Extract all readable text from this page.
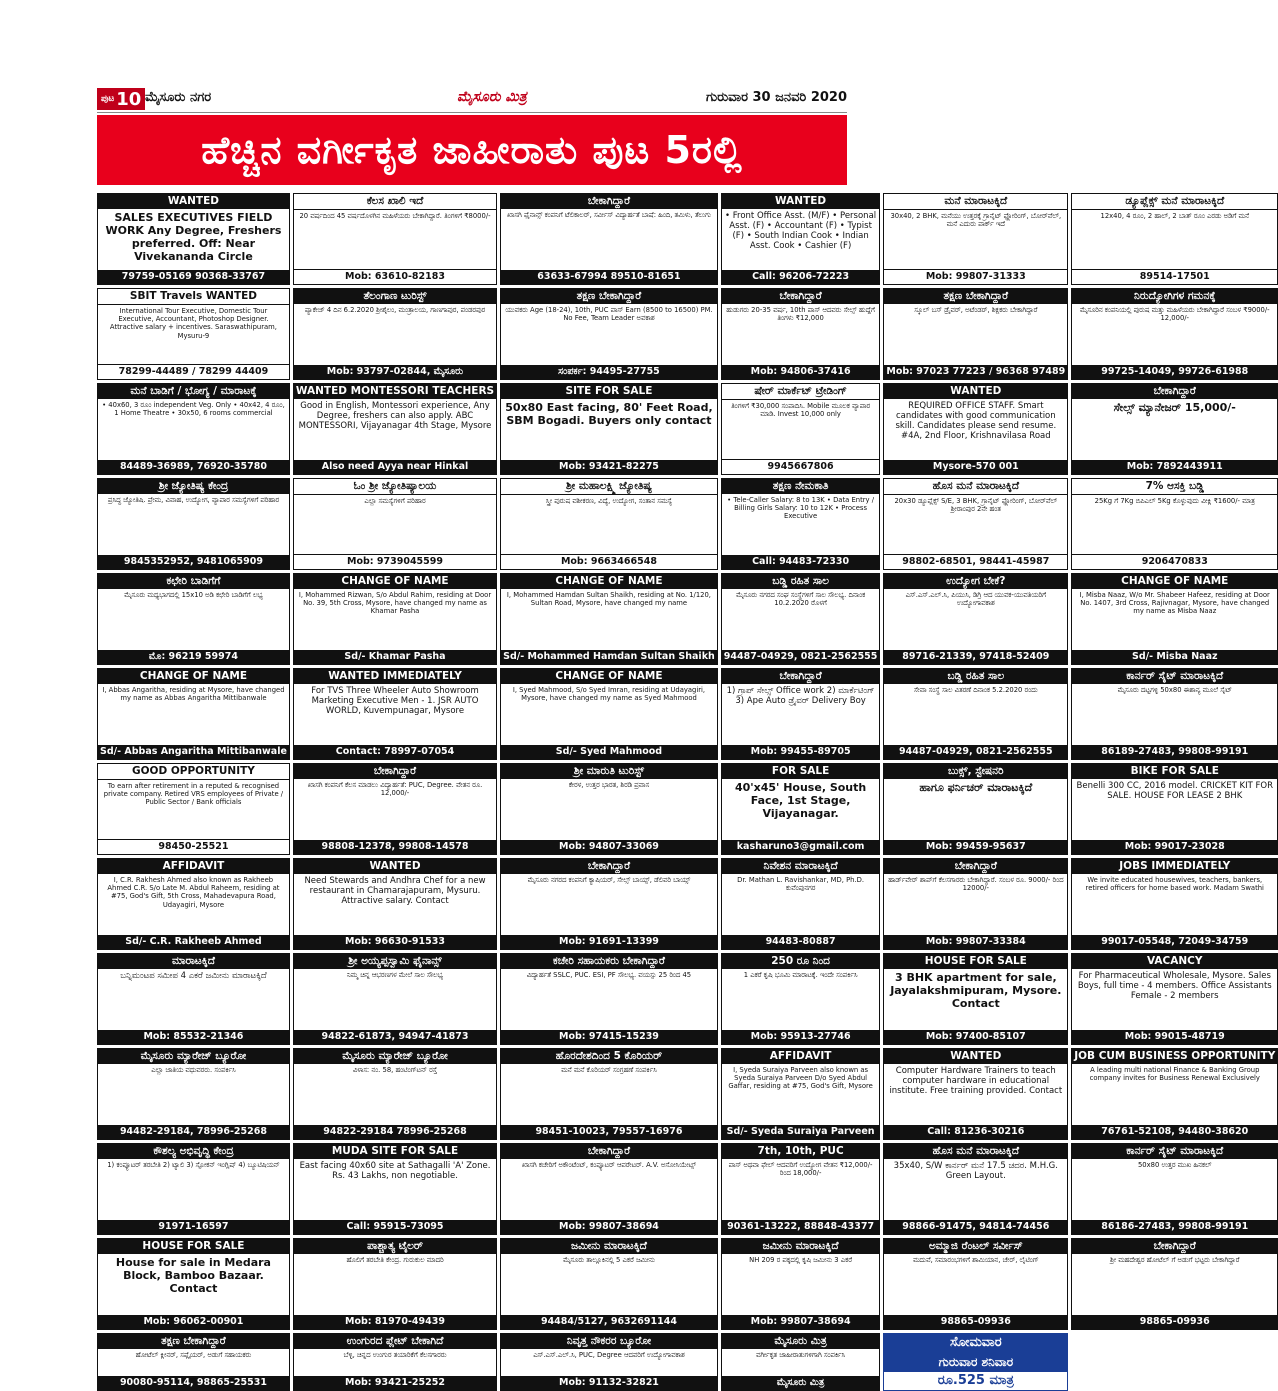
ಪುಟ 10 ಮೈಸೂರು ನಗರ	ಮೈಸೂರು ಮಿತ್ರ	ಗುರುವಾರ 30 ಜನವರಿ 2020
ಹೆಚ್ಚಿನ ವರ್ಗೀಕೃತ ಜಾಹೀರಾತು ಪುಟ 5ರಲ್ಲಿ
WANTED
SALES EXECUTIVES FIELD WORK Any Degree, Freshers preferred. Off: Near Vivekananda Circle
79759-05169 90368-33767
ಕೆಲಸ ಖಾಲಿ ಇದೆ
20 ವರ್ಷದಿಂದ 45 ವರ್ಷದೊಳಗಿನ ಮಹಿಳೆಯರು ಬೇಕಾಗಿದ್ದಾರೆ. ತಿಂಗಳಿಗೆ ₹8000/-
Mob: 63610-82183
ಬೇಕಾಗಿದ್ದಾರೆ
ಖಾಸಗಿ ಫೈನಾನ್ಸ್ ಕಂಪನಿಗೆ ಟೆಲಿಕಾಲರ್, ಸರ್ವೀಸ್ ವಿದ್ಯಾರ್ಹತೆ ಬಾಷೆ: ಹಿಂದಿ, ತಮಿಳು, ತೆಲುಗು
63633-67994 89510-81651
WANTED
• Front Office Asst. (M/F) • Personal Asst. (F) • Accountant (F) • Typist (F) • South Indian Cook • Indian Asst. Cook • Cashier (F)
Call: 96206-72223
ಮನೆ ಮಾರಾಟಕ್ಕಿದೆ
30x40, 2 BHK, ಮನೆಯು ಉತ್ತರಕ್ಕೆ ಗ್ರಾನೈಟ್ ಫ್ಲೋರಿಂಗ್, ಬೋರ್‌ವೆಲ್, ಮನೆ ಎದುರು ಪಾರ್ಕ್ ಇದೆ
Mob: 99807-31333
ಡ್ಯೂಪ್ಲೆಕ್ಸ್ ಮನೆ ಮಾರಾಟಕ್ಕಿದೆ
12x40, 4 ರೂಂ, 2 ಹಾಲ್, 2 ಬಾತ್ ರೂಂ ಎರಡು ಅಡಿಗೆ ಮನೆ
89514-17501
SBIT Travels WANTED
International Tour Executive, Domestic Tour Executive, Accountant, Photoshop Designer. Attractive salary + incentives. Saraswathipuram, Mysuru-9
78299-44489 / 78299 44409
ತೆಲಂಗಾಣ ಟುರಿಸ್ಟ್
ಪ್ಯಾಕೇಜ್ 4 ದಿನ 6.2.2020 ಶ್ರೀಶೈಲಂ, ಮಂತ್ರಾಲಯ, ಗಾಣಗಾಪುರ, ಪಂಡರಪುರ
Mob: 93797-02844, ಮೈಸೂರು
ತಕ್ಷಣ ಬೇಕಾಗಿದ್ದಾರೆ
ಯುವಕರು Age (18-24), 10th, PUC ಪಾಸ್ Earn (8500 to 16500) PM. No Fee, Team Leader ಅವಕಾಶ
ಸಂಪರ್ಕ: 94495-27755
ಬೇಕಾಗಿದ್ದಾರೆ
ಹುಡುಗರು 20-35 ವರ್ಷ, 10th ಪಾಸ್ ಆದವರು ಸೇಲ್ಸ್ ಹುದ್ದೆಗೆ ತಿಂಗಳು ₹12,000
Mob: 94806-37416
ತಕ್ಷಣ ಬೇಕಾಗಿದ್ದಾರೆ
ಸ್ಕೂಲ್ ಬಸ್ ಡ್ರೈವರ್, ಅಟೆಂಡರ್, ಶಿಕ್ಷಕರು ಬೇಕಾಗಿದ್ದಾರೆ
Mob: 97023 77223 / 96368 97489
ನಿರುದ್ಯೋಗಿಗಳ ಗಮನಕ್ಕೆ
ಮೈಸೂರಿನ ಕಂಪನಿಯಲ್ಲಿ ಪುರುಷ ಮತ್ತು ಮಹಿಳೆಯರು ಬೇಕಾಗಿದ್ದಾರೆ ಸಂಬಳ ₹9000/- 12,000/-
99725-14049, 99726-61988
ಮನೆ ಬಾಡಿಗೆ / ಭೋಗ್ಯ / ಮಾರಾಟಕ್ಕೆ
• 40x60, 3 ರೂಂ independent Veg. Only • 40x42, 4 ರೂಂ, 1 Home Theatre • 30x50, 6 rooms commercial
84489-36989, 76920-35780
WANTED MONTESSORI TEACHERS
Good in English, Montessori experience, Any Degree, freshers can also apply. ABC MONTESSORI, Vijayanagar 4th Stage, Mysore
Also need Ayya near Hinkal
SITE FOR SALE
50x80 East facing, 80' Feet Road, SBM Bogadi. Buyers only contact
Mob: 93421-82275
ಷೇರ್ ಮಾರ್ಕೆಟ್ ಟ್ರೇಡಿಂಗ್
ತಿಂಗಳಿಗೆ ₹30,000 ಸಂಪಾದಿಸಿ. Mobile ಮೂಲಕ ವ್ಯಾಪಾರ ಮಾಡಿ. Invest 10,000 only
9945667806
WANTED
REQUIRED OFFICE STAFF. Smart candidates with good communication skill. Candidates please send resume. #4A, 2nd Floor, Krishnavilasa Road
Mysore-570 001
ಬೇಕಾಗಿದ್ದಾರೆ
ಸೇಲ್ಸ್ ಮ್ಯಾನೇಜರ್ 15,000/-
Mob: 7892443911
ಶ್ರೀ ಜ್ಯೋತಿಷ್ಯ ಕೇಂದ್ರ
ಪ್ರಸಿದ್ಧ ಜ್ಯೋತಿಷಿ. ಪ್ರೇಮ, ವಿವಾಹ, ಉದ್ಯೋಗ, ವ್ಯಾಪಾರ ಸಮಸ್ಯೆಗಳಿಗೆ ಪರಿಹಾರ
9845352952, 9481065909
ಓಂ ಶ್ರೀ ಜ್ಯೋತಿಷ್ಯಾಲಯ
ಎಲ್ಲಾ ಸಮಸ್ಯೆಗಳಿಗೆ ಪರಿಹಾರ
Mob: 9739045599
ಶ್ರೀ ಮಹಾಲಕ್ಷ್ಮಿ ಜ್ಯೋತಿಷ್ಯ
ಸ್ತ್ರೀ ಪುರುಷ ವಶೀಕರಣ, ವಿದ್ಯೆ, ಉದ್ಯೋಗ, ಸಂತಾನ ಸಮಸ್ಯೆ
Mob: 9663466548
ತಕ್ಷಣ ನೇಮಕಾತಿ
• Tele-Caller Salary: 8 to 13K • Data Entry / Billing Girls Salary: 10 to 12K • Process Executive
Call: 94483-72330
ಹೊಸ ಮನೆ ಮಾರಾಟಕ್ಕಿದೆ
20x30 ಡ್ಯೂಪ್ಲೆಕ್ಸ್ S/E, 3 BHK, ಗ್ರಾನೈಟ್ ಫ್ಲೋರಿಂಗ್, ಬೋರ್‌ವೆಲ್ ಶ್ರೀರಾಂಪುರ 2ನೇ ಹಂತ
98802-68501, 98441-45987
7% ಆಸಕ್ತಿ ಬಡ್ಡಿ
25Kg ಗೆ 7Kg ಬಿಪಿಎಲ್ 5Kg ಕೊಳ್ಳುವುದು ವೀಕ್ಲಿ ₹1600/- ಮಾತ್ರ
9206470833
ಕಛೇರಿ ಬಾಡಿಗೆಗೆ
ಮೈಸೂರು ಮಧ್ಯಭಾಗದಲ್ಲಿ 15x10 ಅಡಿ ಕಛೇರಿ ಬಾಡಿಗೆಗೆ ಲಭ್ಯ
ಮೊ: 96219 59974
CHANGE OF NAME
I, Mohammed Rizwan, S/o Abdul Rahim, residing at Door No. 39, 5th Cross, Mysore, have changed my name as Khamar Pasha
Sd/- Khamar Pasha
CHANGE OF NAME
I, Mohammed Hamdan Sultan Shaikh, residing at No. 1/120, Sultan Road, Mysore, have changed my name
Sd/- Mohammed Hamdan Sultan Shaikh
ಬಡ್ಡಿ ರಹಿತ ಸಾಲ
ಮೈಸೂರು ನಗರದ ಸಂಘ ಸಂಸ್ಥೆಗಳಿಗೆ ಸಾಲ ಸೌಲಭ್ಯ. ದಿನಾಂಕ 10.2.2020 ರೊಳಗೆ
94487-04929, 0821-2562555
ಉದ್ಯೋಗ ಬೇಕೆ?
ಎಸ್.ಎಸ್.ಎಲ್.ಸಿ, ಪಿಯುಸಿ, ಡಿಗ್ರಿ ಆದ ಯುವಕ-ಯುವತಿಯರಿಗೆ ಉದ್ಯೋಗಾವಕಾಶ
89716-21339, 97418-52409
CHANGE OF NAME
I, Misba Naaz, W/o Mr. Shabeer Hafeez, residing at Door No. 1407, 3rd Cross, Rajivnagar, Mysore, have changed my name as Misba Naaz
Sd/- Misba Naaz
CHANGE OF NAME
I, Abbas Angaritha, residing at Mysore, have changed my name as Abbas Angaritha Mittibanwale
Sd/- Abbas Angaritha Mittibanwale
WANTED IMMEDIATELY
For TVS Three Wheeler Auto Showroom Marketing Executive Men - 1. JSR AUTO WORLD, Kuvempunagar, Mysore
Contact: 78997-07054
CHANGE OF NAME
I, Syed Mahmood, S/o Syed Imran, residing at Udayagiri, Mysore, have changed my name as Syed Mahmood
Sd/- Syed Mahmood
ಬೇಕಾಗಿದ್ದಾರೆ
1) ಗ್ರಾಪ್ ಸೇಲ್ಸ್ Office work 2) ಮಾರ್ಕೆಟಿಂಗ್ 3) Ape Auto ಡ್ರೈವರ್ Delivery Boy
Mob: 99455-89705
ಬಡ್ಡಿ ರಹಿತ ಸಾಲ
ಸೇವಾ ಸಂಸ್ಥೆ ಸಾಲ ವಿತರಣೆ ದಿನಾಂಕ 5.2.2020 ರಂದು
94487-04929, 0821-2562555
ಕಾರ್ನರ್ ಸೈಟ್ ಮಾರಾಟಕ್ಕಿದೆ
ಮೈಸೂರು ದಟ್ಟಗಳ್ಳಿ 50x80 ಈಶಾನ್ಯ ಮೂಲೆ ಸೈಟ್
86189-27483, 99808-99191
GOOD OPPORTUNITY
To earn after retirement in a reputed & recognised private company. Retired VRS employees of Private / Public Sector / Bank officials
98450-25521
ಬೇಕಾಗಿದ್ದಾರೆ
ಖಾಸಗಿ ಕಂಪನಿಗೆ ಕೆಲಸ ಮಾಡಲು ವಿದ್ಯಾರ್ಹತೆ: PUC, Degree. ವೇತನ ರೂ. 12,000/-
98808-12378, 99808-14578
ಶ್ರೀ ಮಾರುತಿ ಟುರಿಸ್ಟ್
ಕೇರಳ, ಉತ್ತರ ಭಾರತ, ಶಿರಡಿ ಪ್ರವಾಸ
Mob: 94807-33069
FOR SALE
40'x45' House, South Face, 1st Stage, Vijayanagar.
kasharuno3@gmail.com
ಬುಕ್ಸ್, ಸ್ಟೇಷನರಿ
ಹಾಗೂ ಫರ್ನಿಚರ್ ಮಾರಾಟಕ್ಕಿದೆ
Mob: 99459-95637
BIKE FOR SALE
Benelli 300 CC, 2016 model. CRICKET KIT FOR SALE. HOUSE FOR LEASE 2 BHK
Mob: 99017-23028
AFFIDAVIT
I, C.R. Rakhesh Ahmed also known as Rakheeb Ahmed C.R. S/o Late M. Abdul Raheem, residing at #75, God's Gift, 5th Cross, Mahadevapura Road, Udayagiri, Mysore
Sd/- C.R. Rakheeb Ahmed
WANTED
Need Stewards and Andhra Chef for a new restaurant in Chamarajapuram, Mysuru. Attractive salary. Contact
Mob: 96630-91533
ಬೇಕಾಗಿದ್ದಾರೆ
ಮೈಸೂರು ನಗರದ ಕಂಪನಿಗೆ ಕ್ಯಾಷಿಯರ್, ಸೇಲ್ಸ್ ಬಾಯ್ಸ್, ಡೆಲಿವರಿ ಬಾಯ್ಸ್
Mob: 91691-13399
ನಿವೇಶನ ಮಾರಾಟಕ್ಕಿದೆ
Dr. Mathan L. Ravishankar, MD, Ph.D. ಕುವೆಂಪುನಗರ
94483-80887
ಬೇಕಾಗಿದ್ದಾರೆ
ಹಾರ್ಡ್‌ವೇರ್ ಶಾಪ್‌ಗೆ ಕೆಲಸಗಾರರು ಬೇಕಾಗಿದ್ದಾರೆ. ಸಂಬಳ ರೂ. 9000/- ರಿಂದ 12000/-
Mob: 99807-33384
JOBS IMMEDIATELY
We invite educated housewives, teachers, bankers, retired officers for home based work. Madam Swathi
99017-05548, 72049-34759
ಮಾರಾಟಕ್ಕಿದೆ
ಬನ್ನಿಮಂಟಪ ಸಮೀಪ 4 ಎಕರೆ ಜಮೀನು ಮಾರಾಟಕ್ಕಿದೆ
Mob: 85532-21346
ಶ್ರೀ ಅಯ್ಯಪ್ಪಸ್ವಾಮಿ ಫೈನಾನ್ಸ್
ನಿಮ್ಮ ಚಿನ್ನ ಆಭರಣಗಳ ಮೇಲೆ ಸಾಲ ಸೌಲಭ್ಯ
94822-61873, 94947-41873
ಕಚೇರಿ ಸಹಾಯಕರು ಬೇಕಾಗಿದ್ದಾರೆ
ವಿದ್ಯಾರ್ಹತೆ SSLC, PUC. ESI, PF ಸೌಲಭ್ಯ. ವಯಸ್ಸು 25 ರಿಂದ 45
Mob: 97415-15239
250 ರೂ ನಿಂದ
1 ಎಕರೆ ಕೃಷಿ ಭೂಮಿ ಮಾರಾಟಕ್ಕೆ. ಇಂದೇ ಸಂಪರ್ಕಿಸಿ
Mob: 95913-27746
HOUSE FOR SALE
3 BHK apartment for sale, Jayalakshmipuram, Mysore. Contact
Mob: 97400-85107
VACANCY
For Pharmaceutical Wholesale, Mysore. Sales Boys, full time - 4 members. Office Assistants Female - 2 members
Mob: 99015-48719
ಮೈಸೂರು ಮ್ಯಾರೇಜ್ ಬ್ಯೂರೋ
ಎಲ್ಲಾ ಜಾತಿಯ ವಧುವರರು. ಸಂಪರ್ಕಿಸಿ
94482-29184, 78996-25268
ಮೈಸೂರು ಮ್ಯಾರೇಜ್ ಬ್ಯೂರೋ
ವಿಳಾಸ: ನಂ. 58, ಹಂಟಿಂಗ್‌ಟನ್ ರಸ್ತೆ
94822-29184 78996-25268
ಹೊರದೇಶದಿಂದ 5 ಕೊರಿಯರ್
ಮನೆ ಮನೆ ಕೊರಿಯರ್ ಸಂಗ್ರಹಣೆ ಸಂಪರ್ಕಿಸಿ
98451-10023, 79557-16976
AFFIDAVIT
I, Syeda Suraiya Parveen also known as Syeda Suraiya Parveen D/o Syed Abdul Gaffar, residing at #75, God's Gift, Mysore
Sd/- Syeda Suraiya Parveen
WANTED
Computer Hardware Trainers to teach computer hardware in educational institute. Free training provided. Contact
Call: 81236-30216
JOB CUM BUSINESS OPPORTUNITY
A leading multi national Finance & Banking Group company invites for Business Renewal Exclusively
76761-52108, 94480-38620
ಕೌಶಲ್ಯ ಅಭಿವೃದ್ಧಿ ಕೇಂದ್ರ
1) ಕಂಪ್ಯೂಟರ್ ತರಬೇತಿ 2) ಟ್ಯಾಲಿ 3) ಸ್ಪೋಕನ್ ಇಂಗ್ಲಿಷ್ 4) ಬ್ಯೂಟಿಷಿಯನ್
91971-16597
MUDA SITE FOR SALE
East facing 40x60 site at Sathagalli 'A' Zone. Rs. 43 Lakhs, non negotiable.
Call: 95915-73095
ಬೇಕಾಗಿದ್ದಾರೆ
ಖಾಸಗಿ ಕಚೇರಿಗೆ ಅಕೌಂಟೆಂಟ್, ಕಂಪ್ಯೂಟರ್ ಆಪರೇಟರ್. A.V. ಅಸೋಸಿಯೇಟ್ಸ್
Mob: 99807-38694
7th, 10th, PUC
ಪಾಸ್ ಅಥವಾ ಫೇಲ್ ಆದವರಿಗೆ ಉದ್ಯೋಗ ವೇತನ ₹12,000/- ರಿಂದ 18,000/-
90361-13222, 88848-43377
ಹೊಸ ಮನೆ ಮಾರಾಟಕ್ಕಿದೆ
35x40, S/W ಕಾರ್ನರ್ ಮನೆ 17.5 ಚದರ. M.H.G. Green Layout.
98866-91475, 94814-74456
ಕಾರ್ನರ್ ಸೈಟ್ ಮಾರಾಟಕ್ಕಿದೆ
50x80 ಉತ್ತರ ಮುಖ ಹಿನಕಲ್
86186-27483, 99808-99191
HOUSE FOR SALE
House for sale in Medara Block, Bamboo Bazaar. Contact
Mob: 96062-00901
ಪಾಶ್ಚಾತ್ಯ ಟೈಲರ್
ಹೊಲಿಗೆ ತರಬೇತಿ ಕೇಂದ್ರ. ಗುರುಕುಲ ಮಾದರಿ
Mob: 81970-49439
ಜಮೀನು ಮಾರಾಟಕ್ಕಿದೆ
ಮೈಸೂರು ತಾಲ್ಲೂಕಿನಲ್ಲಿ 5 ಎಕರೆ ಜಮೀನು
94484/5127, 9632691144
ಜಮೀನು ಮಾರಾಟಕ್ಕಿದೆ
NH 209 ರ ಪಕ್ಕದಲ್ಲಿ ಕೃಷಿ ಜಮೀನು 3 ಎಕರೆ
Mob: 99807-38694
ಅಮ್ಮಾಜಿ ರೆಂಟಲ್ ಸರ್ವೀಸ್
ಮದುವೆ, ಸಮಾರಂಭಗಳಿಗೆ ಶಾಮಿಯಾನ, ಚೇರ್, ಲೈಟಿಂಗ್
98865-09936
ಬೇಕಾಗಿದ್ದಾರೆ
ಶ್ರೀ ಮಹದೇಶ್ವರ ಹೋಟೆಲ್ ಗೆ ಅಡುಗೆ ಭಟ್ಟರು ಬೇಕಾಗಿದ್ದಾರೆ
98865-09936
ತಕ್ಷಣ ಬೇಕಾಗಿದ್ದಾರೆ
ಹೋಟೆಲ್ ಕ್ಲೀನರ್, ಸಪ್ಲೈಯರ್, ಅಡುಗೆ ಸಹಾಯಕರು
90080-95114, 98865-25531
ಉಂಗುರದ ಪ್ಲೇಟ್ ಬೇಕಾಗಿದೆ
ಬೆಳ್ಳಿ, ಚಿನ್ನದ ಉಂಗುರ ತಯಾರಿಕೆಗೆ ಕೆಲಸಗಾರರು
Mob: 93421-25252
ನಿವೃತ್ತ ನೌಕರರ ಬ್ಯೂರೋ
ಎಸ್.ಎಸ್.ಎಲ್.ಸಿ, PUC, Degree ಆದವರಿಗೆ ಉದ್ಯೋಗಾವಕಾಶ
Mob: 91132-32821
ಮೈಸೂರು ಮಿತ್ರ
ವರ್ಗೀಕೃತ ಜಾಹೀರಾತುಗಳಿಗಾಗಿ ಸಂಪರ್ಕಿಸಿ
ಮೈಸೂರು ಮಿತ್ರ
ಸೋಮವಾರ
ಗುರುವಾರ ಶನಿವಾರ
ರೂ.525 ಮಾತ್ರ
